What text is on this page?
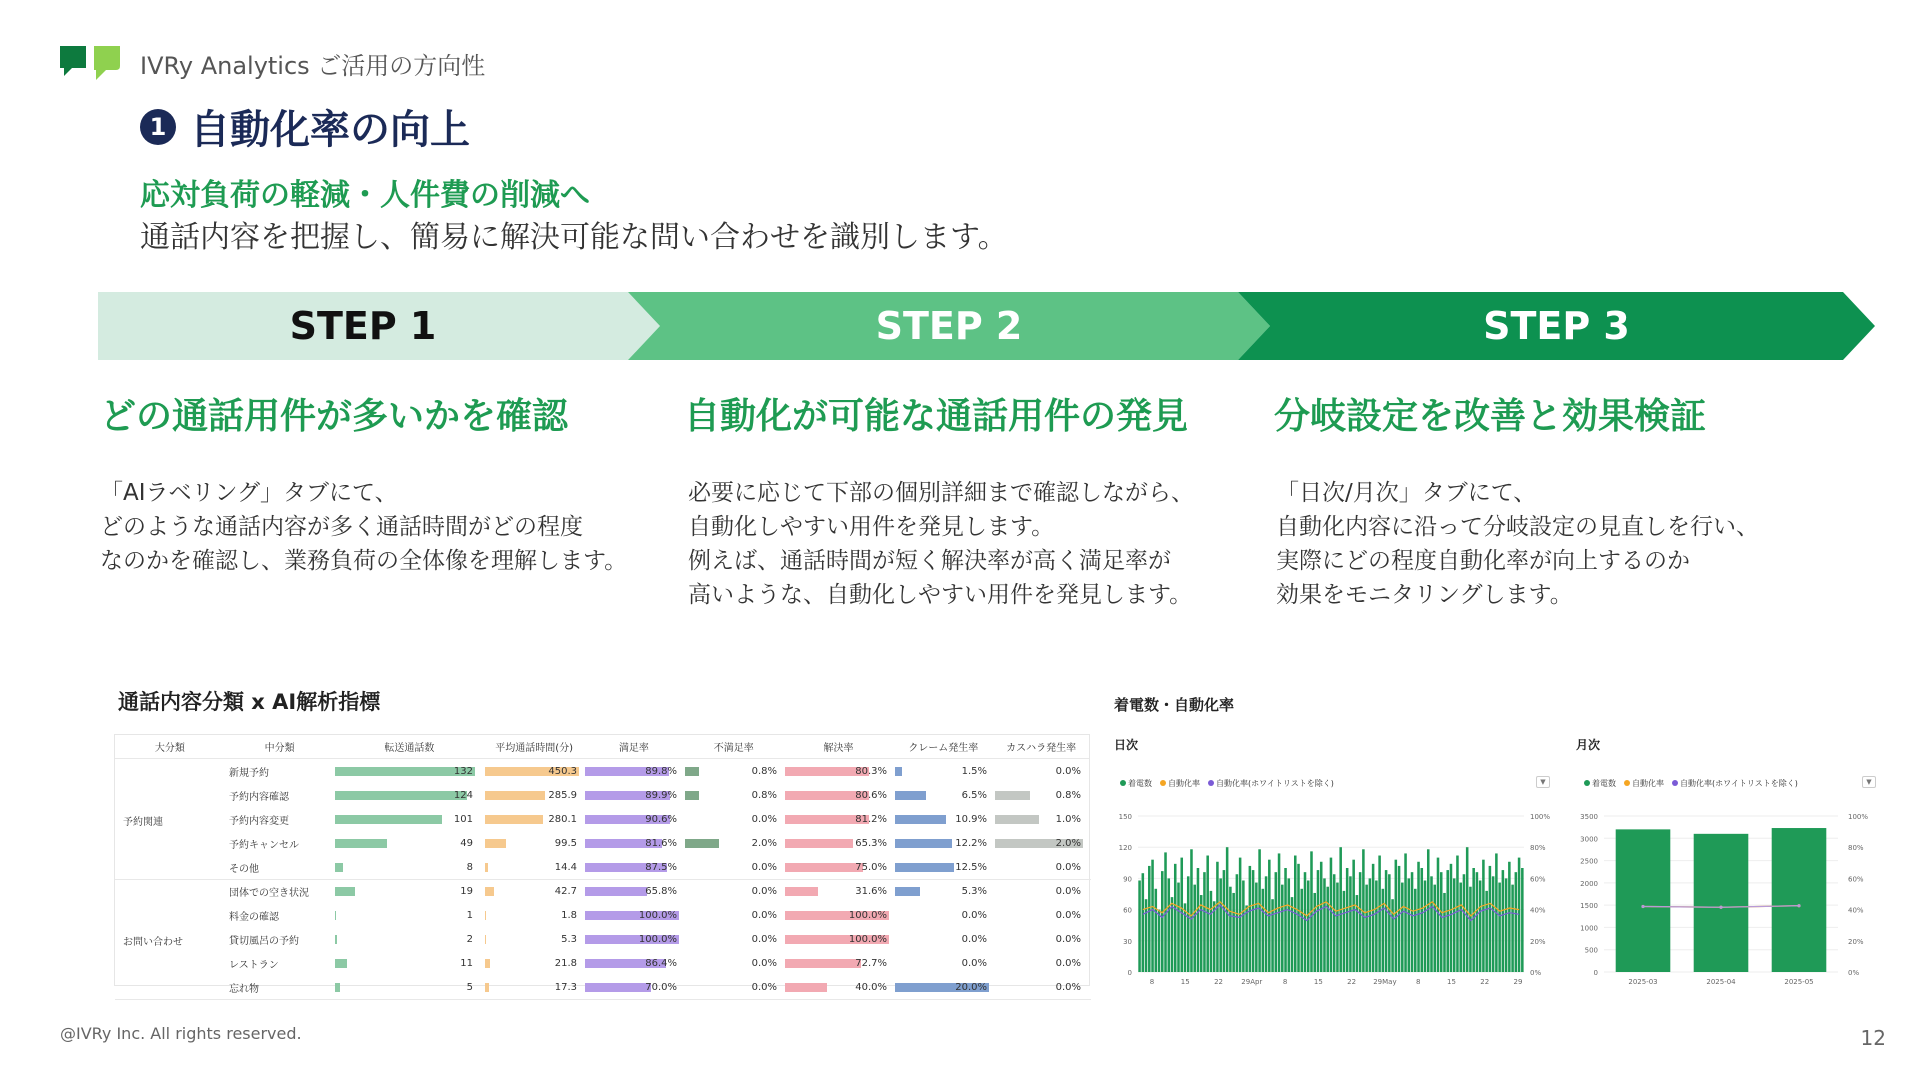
IVRy Analytics ご活用の方向性
1 自動化率の向上
応対負荷の軽減・人件費の削減へ
通話内容を把握し、簡易に解決可能な問い合わせを識別します。
STEP 1	STEP 2	STEP 3
どの通話用件が多いかを確認	自動化が可能な通話用件の発見 分岐設定を改善と効果検証
「AIラベリング」タブにて、
どのような通話内容が多く通話時間がどの程度
なのかを確認し、業務負荷の全体像を理解します。
必要に応じて下部の個別詳細まで確認しながら、
自動化しやすい用件を発見します。
例えば、通話時間が短く解決率が高く満足率が
高いような、自動化しやすい用件を発見します。
「日次/月次」タブにて、
自動化内容に沿って分岐設定の見直しを行い、
実際にどの程度自動化率が向上するのか
効果をモニタリングします。
通話内容分類 x AI解析指標
大分類	中分類	転送通話数	平均通話時間(分)	満足率	不満足率	解決率	クレーム発生率	カスハラ発生率
新規予約	132	450.3	89.8%	0.8%	80.3%	1.5%	0.0%
予約内容確認	124	285.9	89.9%	0.8%	80.6%	6.5%	0.8%
予約内容変更	101	280.1	90.6%	0.0%	81.2%	10.9%	1.0%
予約キャンセル	49	99.5	81.6%	2.0%	65.3%	12.2%	2.0%
その他	8	14.4	87.5%	0.0%	75.0%	12.5%	0.0%
予約関連
団体での空き状況	19	42.7	65.8%	0.0%	31.6%	5.3%	0.0%
料金の確認	1	1.8	100.0%	0.0%	100.0%	0.0%	0.0%
貸切風呂の予約	2	5.3	100.0%	0.0%	100.0%	0.0%	0.0%
レストラン	11	21.8	86.4%	0.0%	72.7%	0.0%	0.0%
忘れ物	5	17.3	70.0%	0.0%	40.0%	20.0%	0.0%
お問い合わせ
着電数・自動化率
日次	月次
着電数	自動化率	自動化率(ホワイトリストを除く)	▼	着電数	自動化率	自動化率(ホワイトリストを除く)	▼
0
30
60
90
120
150
0%
20%
40%
60%
80%
100%
8	15	22	29Apr	8	15	22 29May	8	15	22	29
0
500
1000
1500
2000
2500
3000
3500
0%
20%
40%
60%
80%
100%
2025-03	2025-04	2025-05
@IVRy Inc. All rights reserved.	12
